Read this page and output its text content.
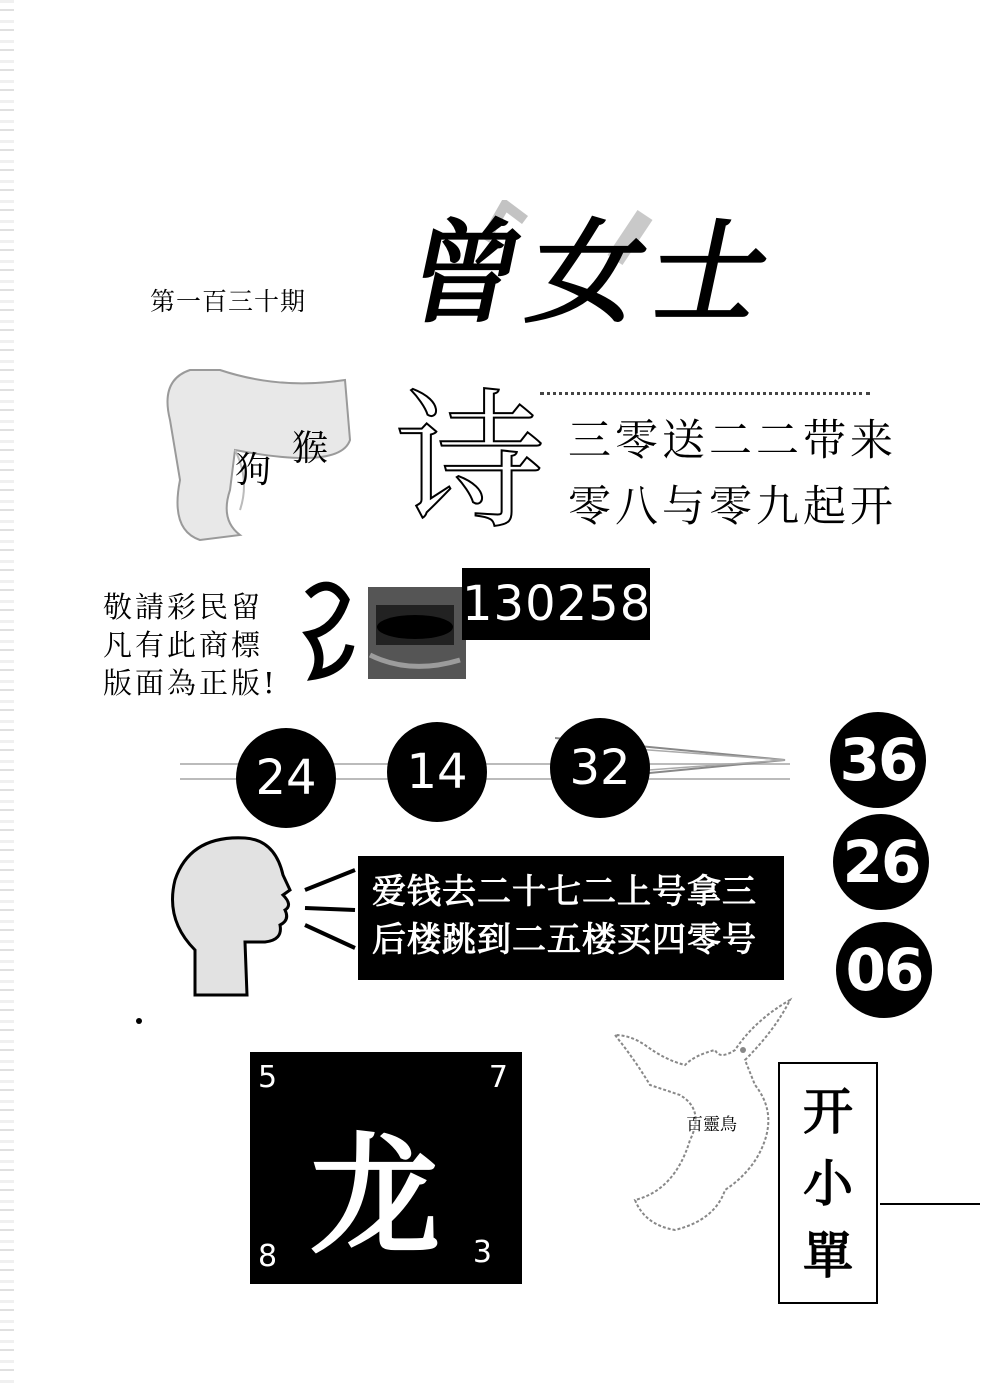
第一百三十期 曾女士
狗
猴 诗 三零送二二带来
零八与零九起开
敬請彩民留
凡有此商標
版面為正版!
1302589
24	14	32	36
26
06
爱钱去二十七二上号拿三
后楼跳到二五楼买四零号
5	7
8	3
龙	百靈鳥	开
小
單
